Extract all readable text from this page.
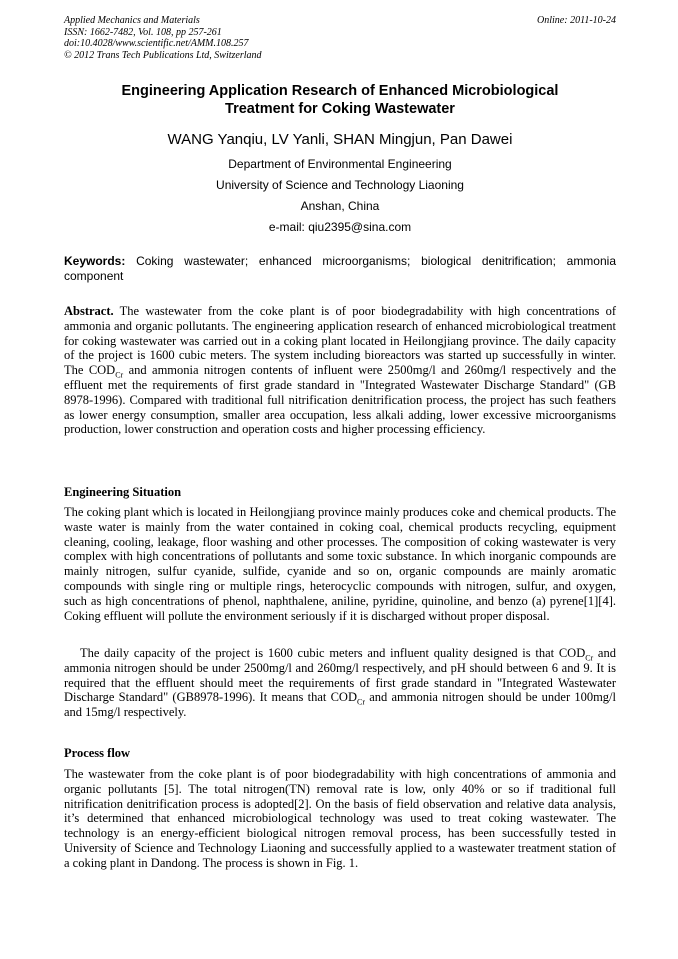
Applied Mechanics and Materials
ISSN: 1662-7482, Vol. 108, pp 257-261
doi:10.4028/www.scientific.net/AMM.108.257
© 2012 Trans Tech Publications Ltd, Switzerland
Online: 2011-10-24
Engineering Application Research of Enhanced Microbiological
Treatment for Coking Wastewater
WANG Yanqiu, LV Yanli, SHAN Mingjun, Pan Dawei
Department of Environmental Engineering
University of Science and Technology Liaoning
Anshan, China
e-mail: qiu2395@sina.com
Keywords: Coking wastewater; enhanced microorganisms; biological denitrification; ammonia component
Abstract. The wastewater from the coke plant is of poor biodegradability with high concentrations of ammonia and organic pollutants. The engineering application research of enhanced microbiological treatment for coking wastewater was carried out in a coking plant located in Heilongjiang province. The daily capacity of the project is 1600 cubic meters. The system including bioreactors was started up successfully in winter. The $COD_{Cr}$ and ammonia nitrogen contents of influent were 2500mg/l and 260mg/l respectively and the effluent met the requirements of first grade standard in "Integrated Wastewater Discharge Standard" (GB 8978-1996). Compared with traditional full nitrification denitrification process, the project has such feathers as lower energy consumption, smaller area occupation, less alkali adding, lower excessive microorganisms production, lower construction and operation costs and higher processing efficiency.
Engineering Situation
The coking plant which is located in Heilongjiang province mainly produces coke and chemical products. The waste water is mainly from the water contained in coking coal, chemical products recycling, equipment cleaning, cooling, leakage, floor washing and other processes. The composition of coking wastewater is very complex with high concentrations of pollutants and some toxic substance. In which inorganic compounds are mainly nitrogen, sulfur cyanide, sulfide, cyanide and so on, organic compounds are mainly aromatic compounds with single ring or multiple rings, heterocyclic compounds with nitrogen, sulfur, and oxygen, such as high concentrations of phenol, naphthalene, aniline, pyridine, quinoline, and benzo (a) pyrene[1][4]. Coking effluent will pollute the environment seriously if it is discharged without proper disposal.
The daily capacity of the project is 1600 cubic meters and influent quality designed is that $COD_{Cr}$ and ammonia nitrogen should be under 2500mg/l and 260mg/l respectively, and pH should between 6 and 9. It is required that the effluent should meet the requirements of first grade standard in "Integrated Wastewater Discharge Standard" (GB8978-1996). It means that $COD_{Cr}$ and ammonia nitrogen should be under 100mg/l and 15mg/l respectively.
Process flow
The wastewater from the coke plant is of poor biodegradability with high concentrations of ammonia and organic pollutants [5]. The total nitrogen(TN) removal rate is low, only 40% or so if traditional full nitrification denitrification process is adopted[2]. On the basis of field observation and relative data analysis, it’s determined that enhanced microbiological technology was used to treat coking wastewater. The technology is an energy-efficient biological nitrogen removal process, has been successfully tested in University of Science and Technology Liaoning and successfully applied to a wastewater treatment station of a coking plant in Dandong. The process is shown in Fig. 1.
